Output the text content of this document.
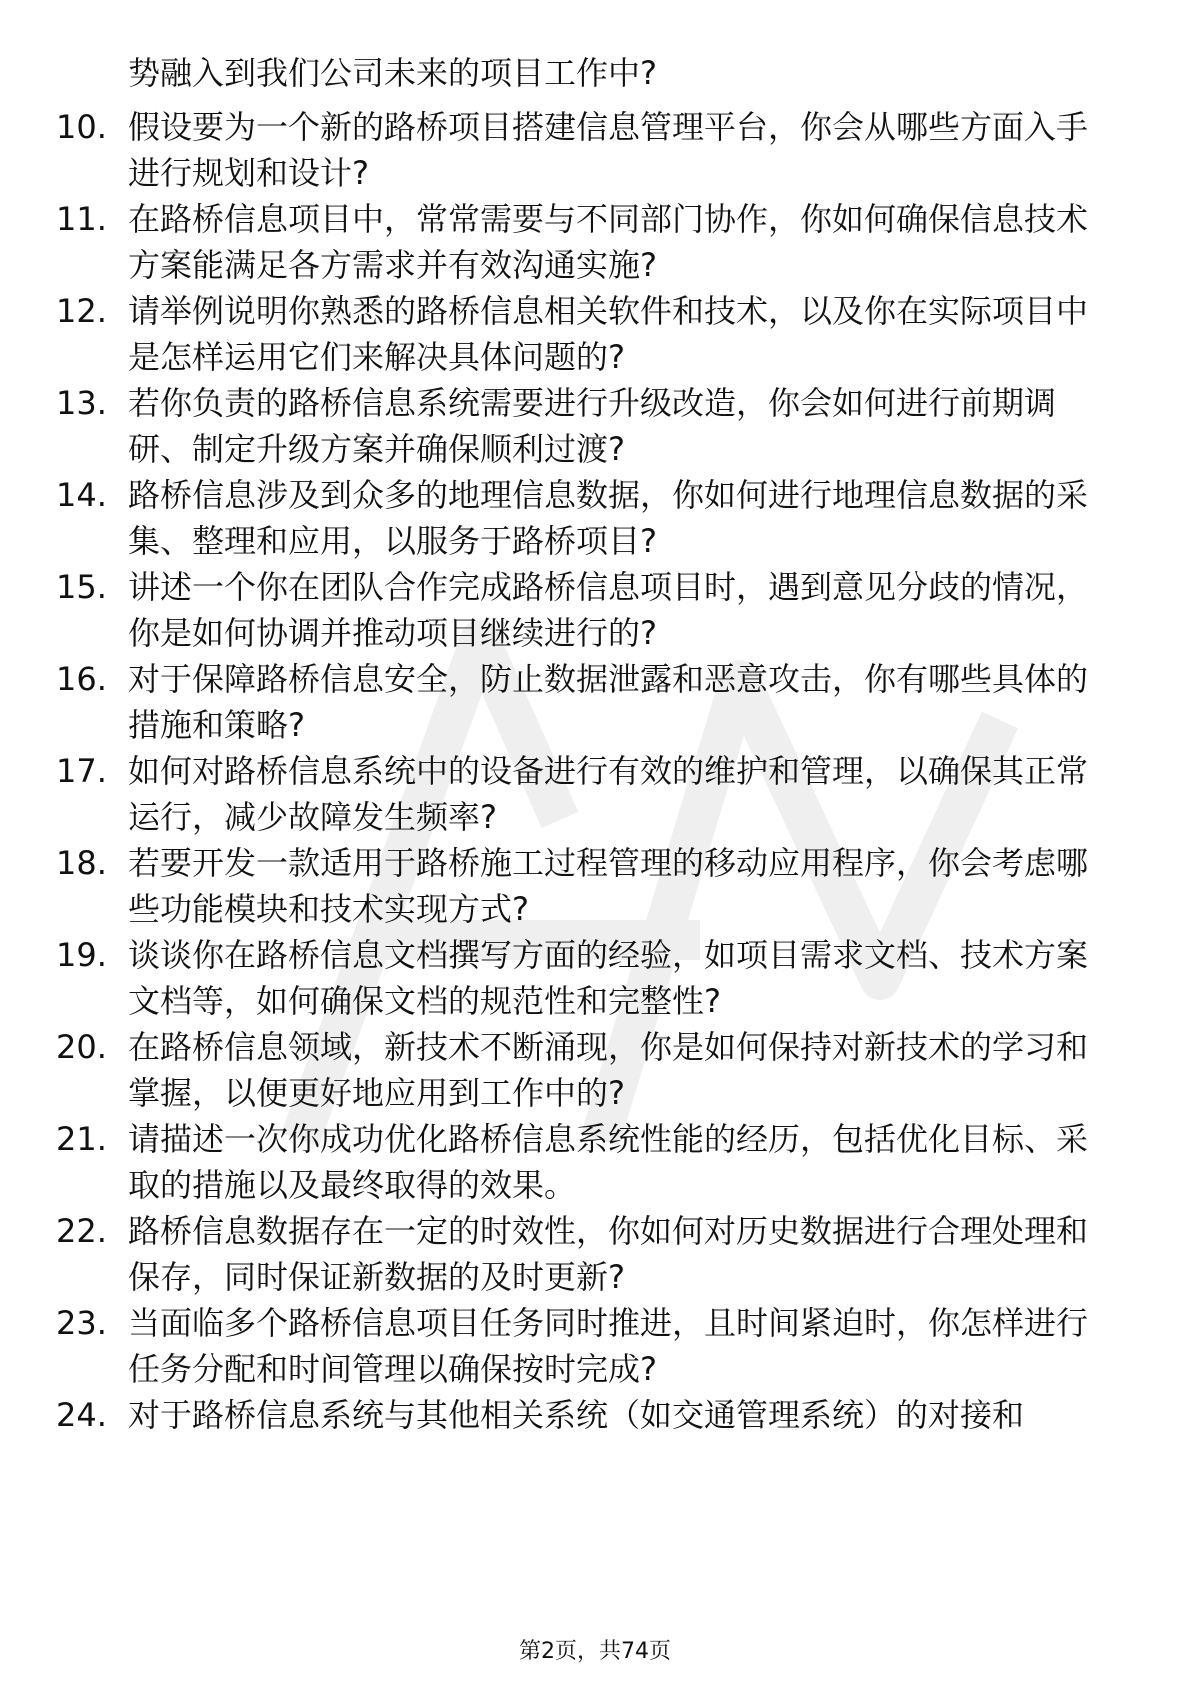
势融入到我们公司未来的项目工作中?
10. 假设要为一个新的路桥项目搭建信息管理平台，你会从哪些方面入手进行规划和设计?
11. 在路桥信息项目中，常常需要与不同部门协作，你如何确保信息技术方案能满足各方需求并有效沟通实施?
12. 请举例说明你熟悉的路桥信息相关软件和技术，以及你在实际项目中是怎样运用它们来解决具体问题的?
13. 若你负责的路桥信息系统需要进行升级改造，你会如何进行前期调研、制定升级方案并确保顺利过渡?
14. 路桥信息涉及到众多的地理信息数据，你如何进行地理信息数据的采集、整理和应用，以服务于路桥项目?
15. 讲述一个你在团队合作完成路桥信息项目时，遇到意见分歧的情况，你是如何协调并推动项目继续进行的?
16. 对于保障路桥信息安全，防止数据泄露和恶意攻击，你有哪些具体的措施和策略?
17. 如何对路桥信息系统中的设备进行有效的维护和管理，以确保其正常运行，减少故障发生频率?
18. 若要开发一款适用于路桥施工过程管理的移动应用程序，你会考虑哪些功能模块和技术实现方式?
19. 谈谈你在路桥信息文档撰写方面的经验，如项目需求文档、技术方案文档等，如何确保文档的规范性和完整性?
20. 在路桥信息领域，新技术不断涌现，你是如何保持对新技术的学习和掌握，以便更好地应用到工作中的?
21. 请描述一次你成功优化路桥信息系统性能的经历，包括优化目标、采取的措施以及最终取得的效果。
22. 路桥信息数据存在一定的时效性，你如何对历史数据进行合理处理和保存，同时保证新数据的及时更新?
23. 当面临多个路桥信息项目任务同时推进，且时间紧迫时，你怎样进行任务分配和时间管理以确保按时完成?
24. 对于路桥信息系统与其他相关系统（如交通管理系统）的对接和
第2页，共74页
